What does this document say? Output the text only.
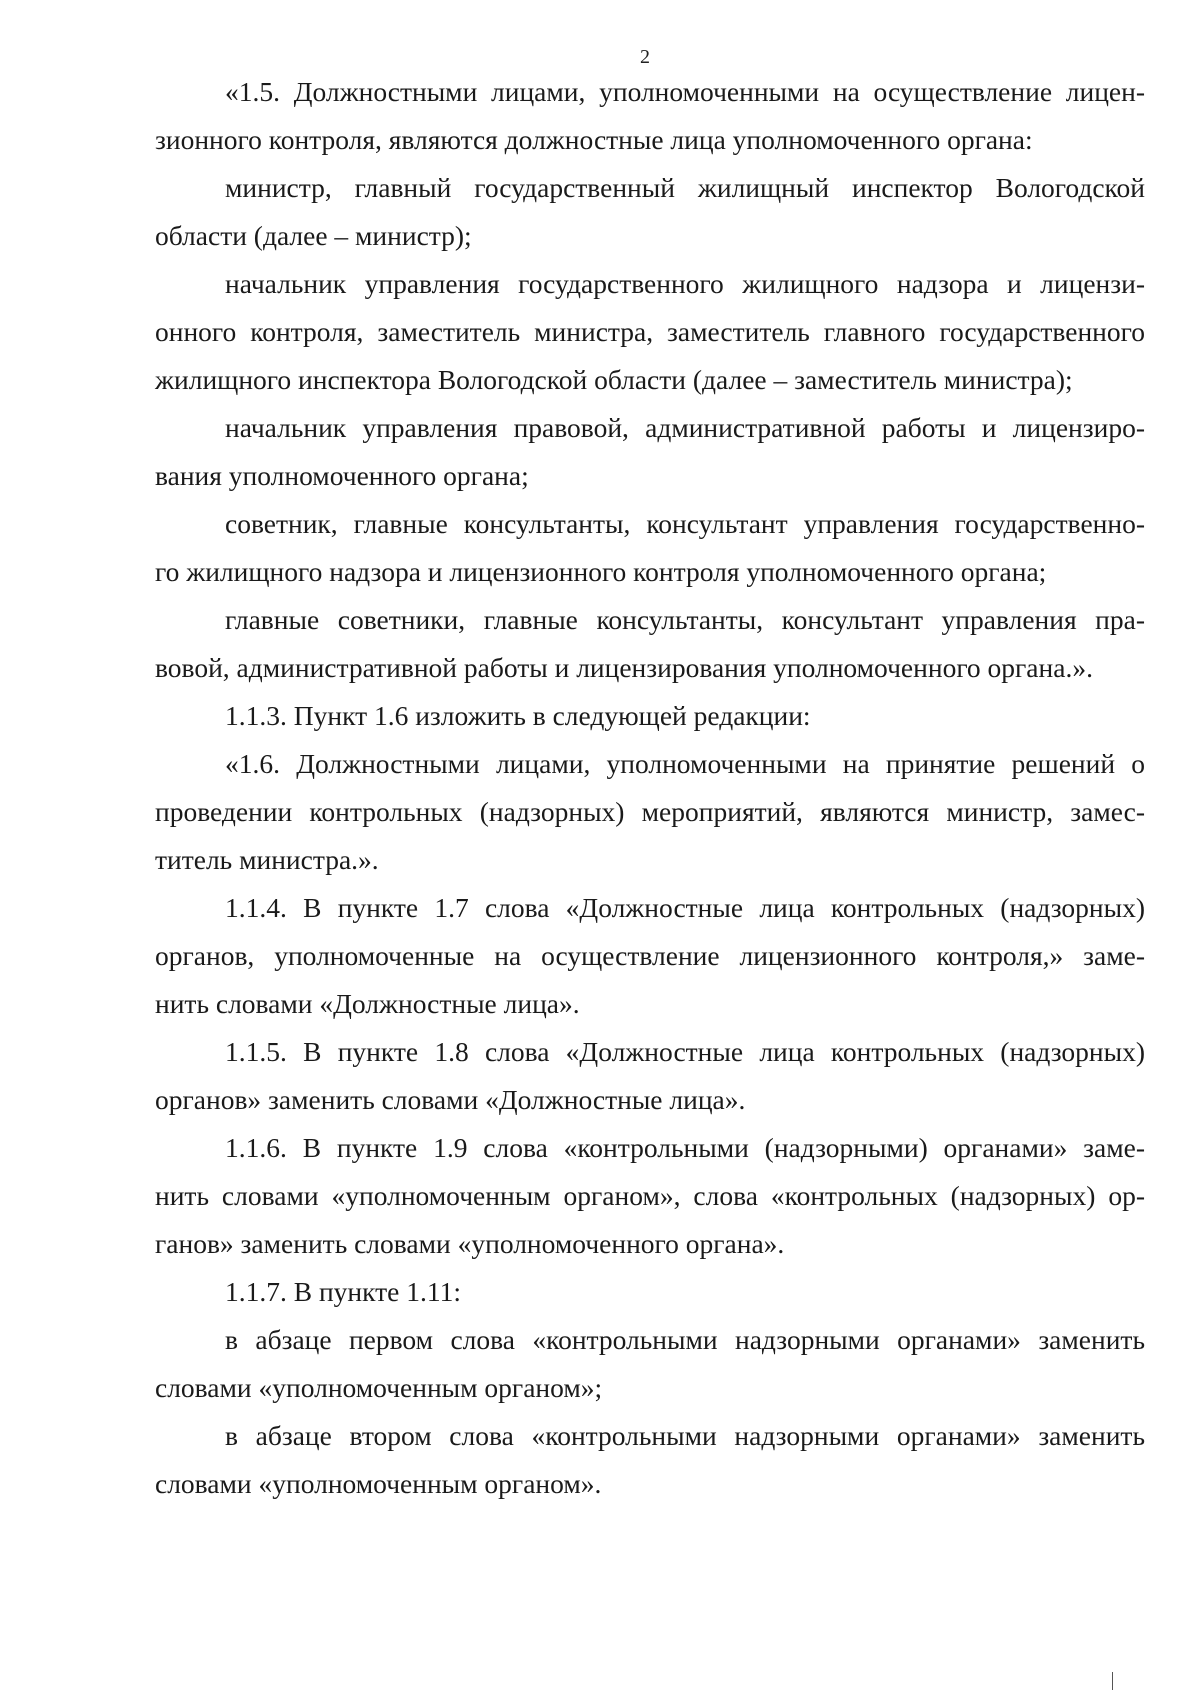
2
«1.5. Должностными лицами, уполномоченными на осуществление лицен-
зионного контроля, являются должностные лица уполномоченного органа:
министр, главный государственный жилищный инспектор Вологодской
области (далее – министр);
начальник управления государственного жилищного надзора и лицензи-
онного контроля, заместитель министра, заместитель главного государственного
жилищного инспектора Вологодской области (далее – заместитель министра);
начальник управления правовой, административной работы и лицензиро-
вания уполномоченного органа;
советник, главные консультанты, консультант управления государственно-
го жилищного надзора и лицензионного контроля уполномоченного органа;
главные советники, главные консультанты, консультант управления пра-
вовой, административной работы и лицензирования уполномоченного органа.».
1.1.3. Пункт 1.6 изложить в следующей редакции:
«1.6. Должностными лицами, уполномоченными на принятие решений о
проведении контрольных (надзорных) мероприятий, являются министр, замес-
титель министра.».
1.1.4. В пункте 1.7 слова «Должностные лица контрольных (надзорных)
органов, уполномоченные на осуществление лицензионного контроля,» заме-
нить словами «Должностные лица».
1.1.5. В пункте 1.8 слова «Должностные лица контрольных (надзорных)
органов» заменить словами «Должностные лица».
1.1.6. В пункте 1.9 слова «контрольными (надзорными) органами» заме-
нить словами «уполномоченным органом», слова «контрольных (надзорных) ор-
ганов» заменить словами «уполномоченного органа».
1.1.7. В пункте 1.11:
в абзаце первом слова «контрольными надзорными органами» заменить
словами «уполномоченным органом»;
в абзаце втором слова «контрольными надзорными органами» заменить
словами «уполномоченным органом».
